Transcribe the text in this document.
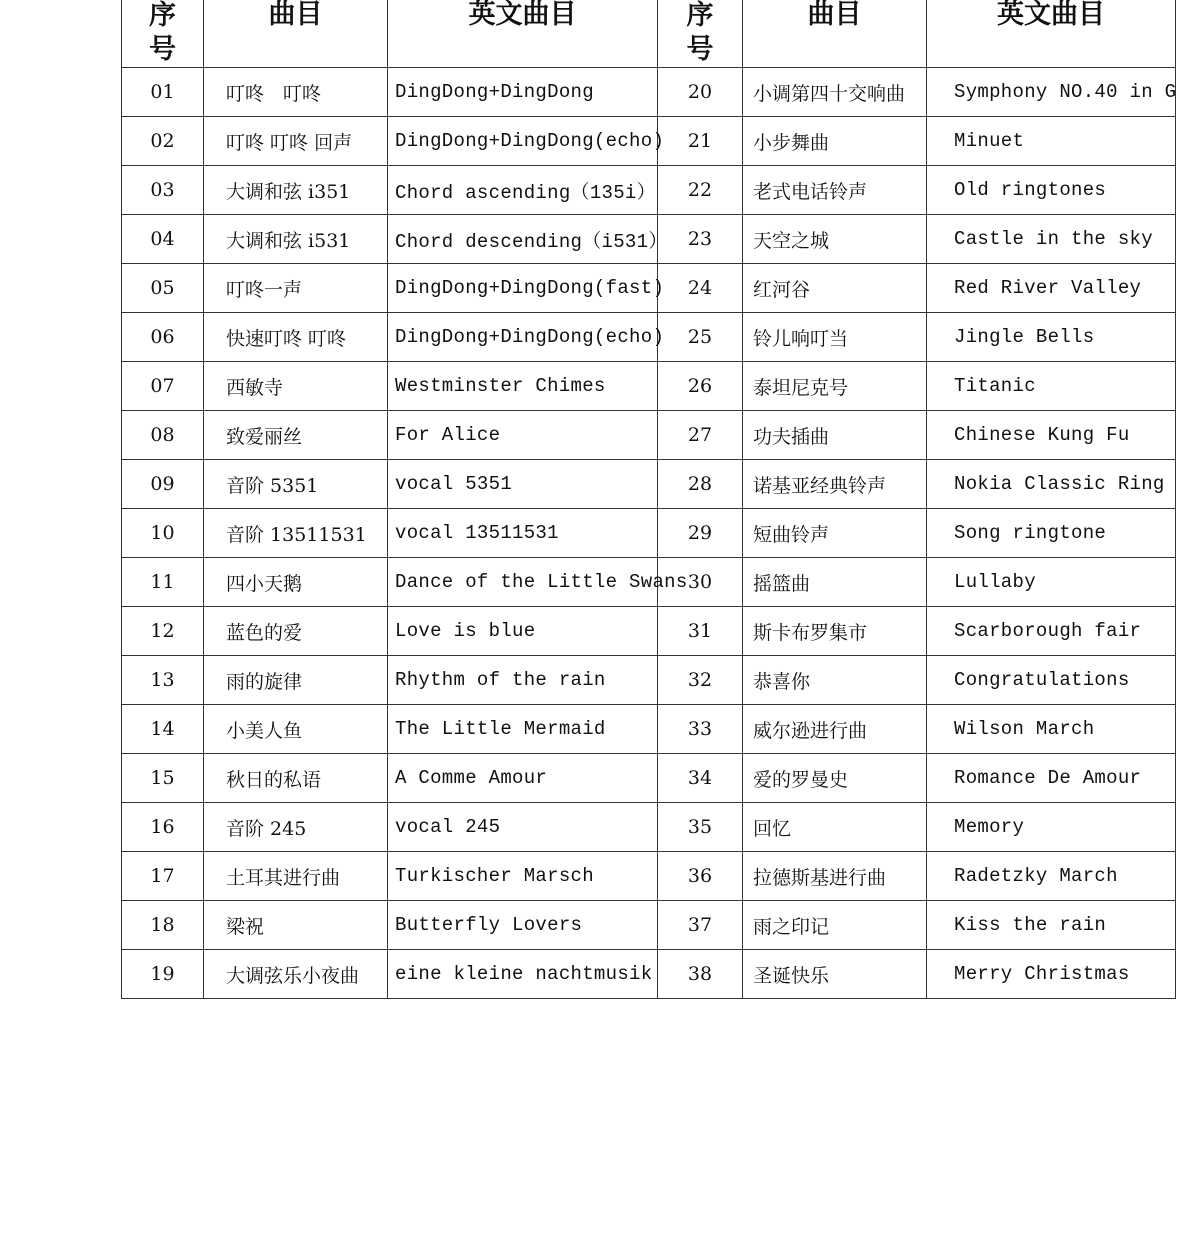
序号	曲目	英文曲目	序号	曲目	英文曲目
01	叮咚　叮咚	DingDong+DingDong	20	小调第四十交响曲	Symphony NO.40 in G
02	叮咚 叮咚 回声	DingDong+DingDong(echo)	21	小步舞曲	Minuet
03	大调和弦 i351	Chord ascending（135i）	22	老式电话铃声	Old ringtones
04	大调和弦 i531	Chord descending（i531）	23	天空之城	Castle in the sky
05	叮咚一声	DingDong+DingDong(fast)	24	红河谷	Red River Valley
06	快速叮咚 叮咚	DingDong+DingDong(echo)	25	铃儿响叮当	Jingle Bells
07	西敏寺	Westminster Chimes	26	泰坦尼克号	Titanic
08	致爱丽丝	For Alice	27	功夫插曲	Chinese Kung Fu
09	音阶 5351	vocal 5351	28	诺基亚经典铃声	Nokia Classic Ring
10	音阶 13511531	vocal 13511531	29	短曲铃声	Song ringtone
11	四小天鹅	Dance of the Little Swans	30	摇篮曲	Lullaby
12	蓝色的爱	Love is blue	31	斯卡布罗集市	Scarborough fair
13	雨的旋律	Rhythm of the rain	32	恭喜你	Congratulations
14	小美人鱼	The Little Mermaid	33	威尔逊进行曲	Wilson March
15	秋日的私语	A Comme Amour	34	爱的罗曼史	Romance De Amour
16	音阶 245	vocal 245	35	回忆	Memory
17	土耳其进行曲	Turkischer Marsch	36	拉德斯基进行曲	Radetzky March
18	梁祝	Butterfly Lovers	37	雨之印记	Kiss the rain
19	大调弦乐小夜曲	eine kleine nachtmusik	38	圣诞快乐	Merry Christmas
